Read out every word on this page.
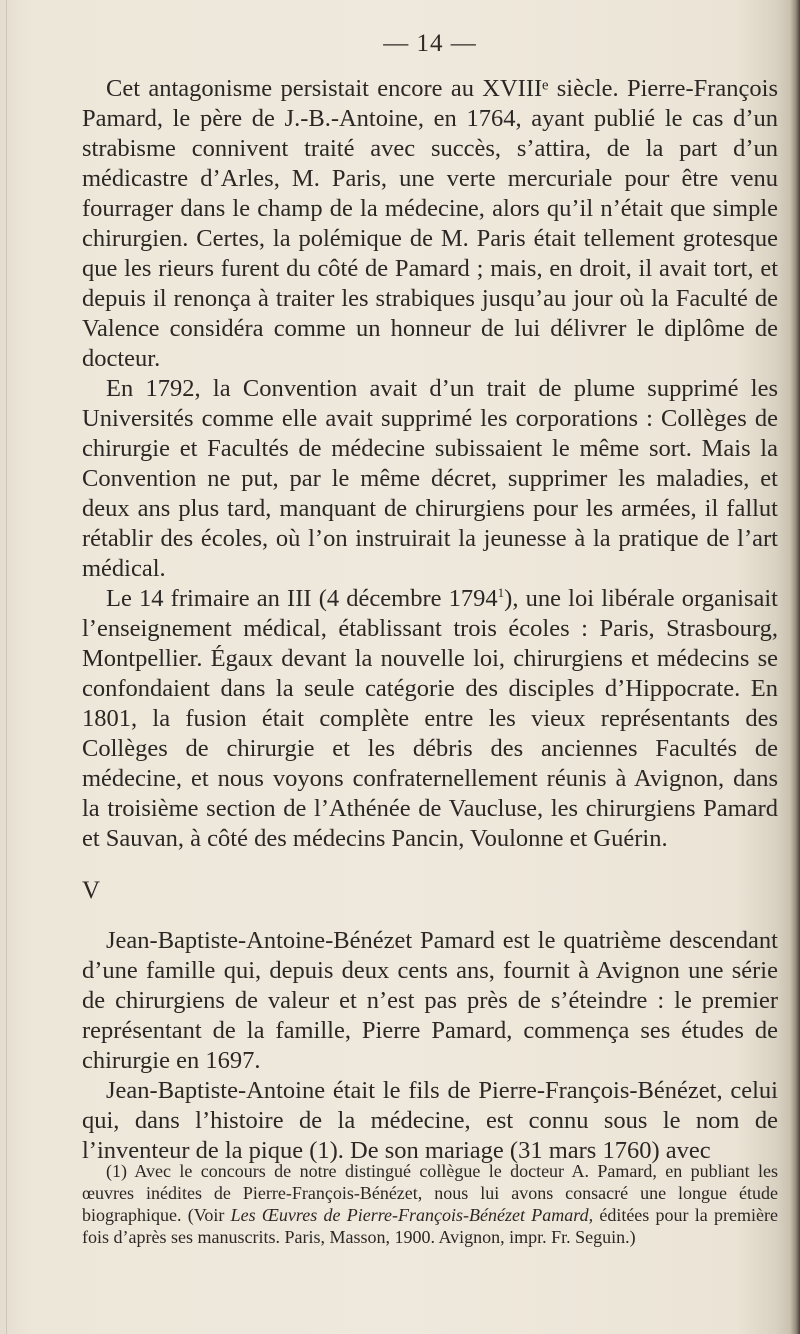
— 14 —

Cet antagonisme persistait encore au XVIIIᵉ siècle. Pierre-François Pamard, le père de J.-B.-Antoine, en 1764, ayant publié le cas d’un strabisme connivent traité avec succès, s’attira, de la part d’un médicastre d’Arles, M. Paris, une verte mercuriale pour être venu fourrager dans le champ de la médecine, alors qu’il n’était que simple chirurgien. Certes, la polémique de M. Paris était tellement grotesque que les rieurs furent du côté de Pamard ; mais, en droit, il avait tort, et depuis il renonça à traiter les strabiques jusqu’au jour où la Faculté de Valence considéra comme un honneur de lui délivrer le diplôme de docteur.

En 1792, la Convention avait d’un trait de plume supprimé les Universités comme elle avait supprimé les corporations : Collèges de chirurgie et Facultés de médecine subissaient le même sort. Mais la Convention ne put, par le même décret, supprimer les maladies, et deux ans plus tard, manquant de chirurgiens pour les armées, il fallut rétablir des écoles, où l’on instruirait la jeunesse à la pratique de l’art médical.

Le 14 frimaire an III (4 décembre 1794$^1$), une loi libérale organisait l’enseignement médical, établissant trois écoles : Paris, Strasbourg, Montpellier. Égaux devant la nouvelle loi, chirurgiens et médecins se confondaient dans la seule catégorie des disciples d’Hippocrate. En 1801, la fusion était complète entre les vieux représentants des Collèges de chirurgie et les débris des anciennes Facultés de médecine, et nous voyons confraternellement réunis à Avignon, dans la troisième section de l’Athénée de Vaucluse, les chirurgiens Pamard et Sauvan, à côté des médecins Pancin, Voulonne et Guérin.

V

Jean-Baptiste-Antoine-Bénézet Pamard est le quatrième descendant d’une famille qui, depuis deux cents ans, fournit à Avignon une série de chirurgiens de valeur et n’est pas près de s’éteindre : le premier représentant de la famille, Pierre Pamard, commença ses études de chirurgie en 1697.

Jean-Baptiste-Antoine était le fils de Pierre-François-Bénézet, celui qui, dans l’histoire de la médecine, est connu sous le nom de l’inventeur de la pique (1). De son mariage (31 mars 1760) avec

(1) Avec le concours de notre distingué collègue le docteur A. Pamard, en publiant les œuvres inédites de Pierre-François-Bénézet, nous lui avons consacré une longue étude biographique. (Voir Les Œuvres de Pierre-François-Bénézet Pamard, éditées pour la première fois d’après ses manuscrits. Paris, Masson, 1900. Avignon, impr. Fr. Seguin.)
